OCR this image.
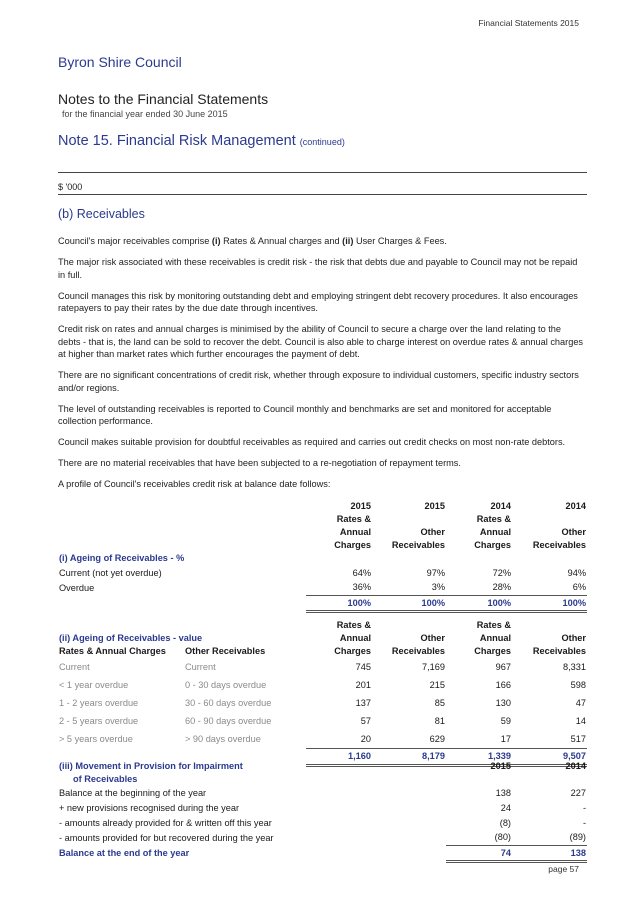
Financial Statements 2015
Byron Shire Council
Notes to the Financial Statements
for the financial year ended 30 June 2015
Note 15. Financial Risk Management (continued)
$ '000
(b) Receivables

Council's major receivables comprise (i) Rates & Annual charges and (ii) User Charges & Fees.

The major risk associated with these receivables is credit risk - the risk that debts due and payable to Council may not be repaid in full.

Council manages this risk by monitoring outstanding debt and employing stringent debt recovery procedures. It also encourages ratepayers to pay their rates by the due date through incentives.

Credit risk on rates and annual charges is minimised by the ability of Council to secure a charge over the land relating to the debts - that is, the land can be sold to recover the debt. Council is also able to charge interest on overdue rates & annual charges at higher than market rates which further encourages the payment of debt.

There are no significant concentrations of credit risk, whether through exposure to individual customers, specific industry sectors and/or regions.

The level of outstanding receivables is reported to Council monthly and benchmarks are set and monitored for acceptable collection performance.

Council makes suitable provision for doubtful receivables as required and carries out credit checks on most non-rate debtors.

There are no material receivables that have been subjected to a re-negotiation of repayment terms.

A profile of Council's receivables credit risk at balance date follows:

	2015	2015	2014	2014
	Rates &		Rates &	
	Annual	Other	Annual	Other
	Charges	Receivables	Charges	Receivables
(i) Ageing of Receivables - %				
Current (not yet overdue)	64%	97%	72%	94%
Overdue	36%	3%	28%	6%
	100%	100%	100%	100%
		Rates &		Rates &	
(ii) Ageing of Receivables - value		Annual	Other	Annual	Other
Rates & Annual Charges	Other Receivables	Charges	Receivables	Charges	Receivables
Current	Current	745	7,169	967	8,331
< 1 year overdue	0 - 30 days overdue	201	215	166	598
1 - 2 years overdue	30 - 60 days overdue	137	85	130	47
2 - 5 years overdue	60 - 90 days overdue	57	81	59	14
> 5 years overdue	> 90 days overdue	20	629	17	517
		1,160	8,179	1,339	9,507
(iii) Movement in Provision for Impairment	2015	2014
of Receivables		
Balance at the beginning of the year	138	227
+ new provisions recognised during the year	24	-
- amounts already provided for & written off this year	(8)	-
- amounts provided for but recovered during the year	(80)	(89)
Balance at the end of the year	74	138
page 57
